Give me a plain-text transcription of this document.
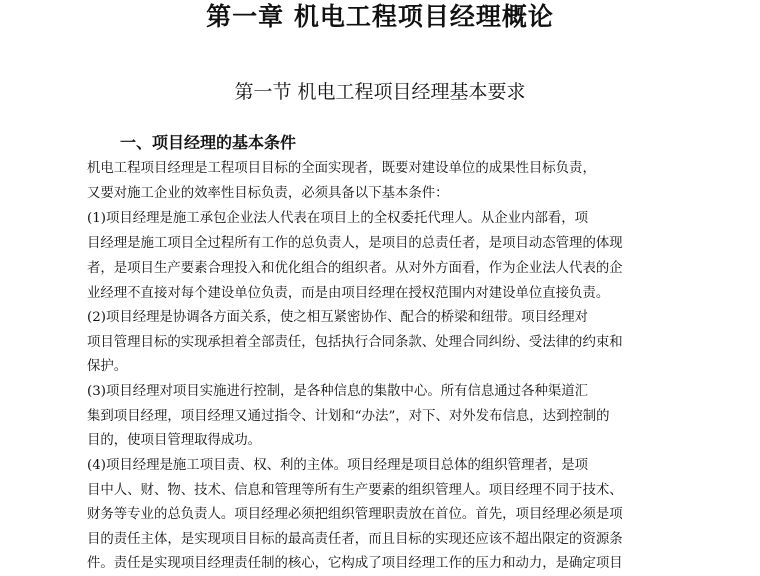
第一章 机电工程项目经理概论
第一节 机电工程项目经理基本要求
一、项目经理的基本条件
机电工程项目经理是工程项目目标的全面实现者，既要对建设单位的成果性目标负责，
又要对施工企业的效率性目标负责，必须具备以下基本条件：
(1)项目经理是施工承包企业法人代表在项目上的全权委托代理人。从企业内部看，项
目经理是施工项目全过程所有工作的总负责人，是项目的总责任者，是项目动态管理的体现
者，是项目生产要素合理投入和优化组合的组织者。从对外方面看，作为企业法人代表的企
业经理不直接对每个建设单位负责，而是由项目经理在授权范围内对建设单位直接负责。
(2)项目经理是协调各方面关系，使之相互紧密协作、配合的桥梁和纽带。项目经理对
项目管理目标的实现承担着全部责任，包括执行合同条款、处理合同纠纷、受法律的约束和
保护。
(3)项目经理对项目实施进行控制，是各种信息的集散中心。所有信息通过各种渠道汇
集到项目经理，项目经理又通过指令、计划和“办法”，对下、对外发布信息，达到控制的
目的，使项目管理取得成功。
(4)项目经理是施工项目责、权、利的主体。项目经理是项目总体的组织管理者，是项
目中人、财、物、技术、信息和管理等所有生产要素的组织管理人。项目经理不同于技术、
财务等专业的总负责人。项目经理必须把组织管理职责放在首位。首先，项目经理必须是项
目的责任主体，是实现项目目标的最高责任者，而且目标的实现还应该不超出限定的资源条
件。责任是实现项目经理责任制的核心，它构成了项目经理工作的压力和动力，是确定项目
